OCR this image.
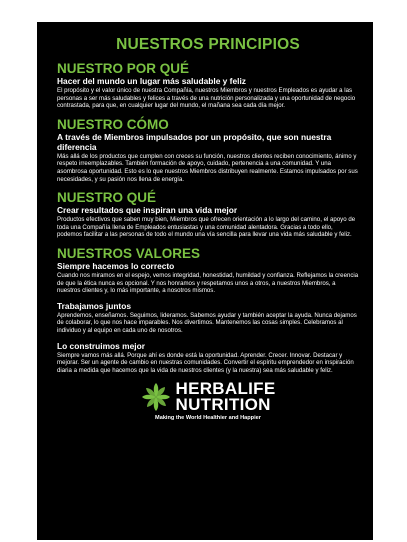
NUESTROS PRINCIPIOS
NUESTRO POR QUÉ
Hacer del mundo un lugar más saludable y feliz

El propósito y el valor único de nuestra Compañía, nuestros Miembros y nuestros Empleados es ayudar a las personas a ser más saludables y felices a través de una nutrición personalizada y una oportunidad de negocio contrastada, para que, en cualquier lugar del mundo, el mañana sea cada día mejor.

NUESTRO CÓMO
A través de Miembros impulsados por un propósito, que son nuestra diferencia

Más allá de los productos que cumplen con creces su función, nuestros clientes reciben conocimiento, ánimo y respeto irreemplazables. También formación de apoyo, cuidado, pertenencia a una comunidad. Y una asombrosa oportunidad. Esto es lo que nuestros Miembros distribuyen realmente. Estamos impulsados por sus necesidades, y su pasión nos llena de energía.

NUESTRO QUÉ
Crear resultados que inspiran una vida mejor

Productos efectivos que saben muy bien, Miembros que ofrecen orientación a lo largo del camino, el apoyo de toda una Compañía llena de Empleados entusiastas y una comunidad alentadora. Gracias a todo ello, podemos facilitar a las personas de todo el mundo una vía sencilla para llevar una vida más saludable y feliz.

NUESTROS VALORES
Siempre hacemos lo correcto

Cuando nos miramos en el espejo, vemos integridad, honestidad, humildad y confianza. Reflejamos la creencia de que la ética nunca es opcional. Y nos honramos y respetamos unos a otros, a nuestros Miembros, a nuestros clientes y, lo más importante, a nosotros mismos.

Trabajamos juntos

Aprendemos, enseñamos. Seguimos, lideramos. Sabemos ayudar y también aceptar la ayuda. Nunca dejamos de colaborar, lo que nos hace imparables. Nos divertimos. Mantenemos las cosas simples. Celebramos al individuo y al equipo en cada uno de nosotros.

Lo construimos mejor

Siempre vamos más allá. Porque ahí es donde está la oportunidad. Aprender. Crecer. Innovar. Destacar y mejorar. Ser un agente de cambio en nuestras comunidades. Convertir el espíritu emprendedor en inspiración diaria a medida que hacemos que la vida de nuestros clientes (y la nuestra) sea más saludable y feliz.

HERBALIFE
NUTRITION
Making the World Healthier and Happier
